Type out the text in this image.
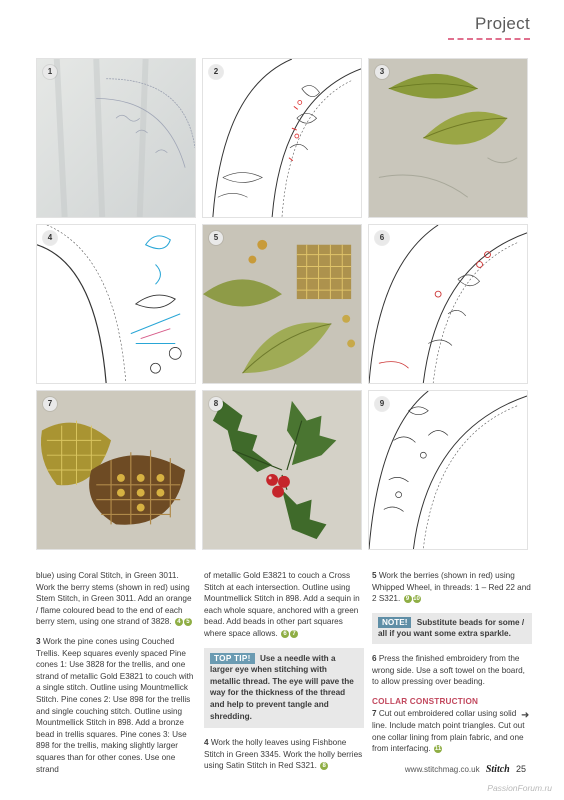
Project
1	2	3
4	5	6
7	8	9

blue) using Coral Stitch, in Green 3011. Work the berry stems (shown in red) using Stem Stitch, in Green 3011. Add an orange / flame coloured bead to the end of each berry stem, using one strand of 3828. 4 5

3 Work the pine cones using Couched Trellis. Keep squares evenly spaced Pine cones 1: Use 3828 for the trellis, and one strand of metallic Gold E3821 to couch with a single stitch. Outline using Mountmellick Stitch. Pine cones 2: Use 898 for the trellis and single couching stitch. Outline using Mountmellick Stitch in 898. Add a bronze bead in trellis squares. Pine cones 3: Use 898 for the trellis, making slightly larger squares than for other cones. Use one strand

of metallic Gold E3821 to couch a Cross Stitch at each intersection. Outline using Mountmellick Stitch in 898. Add a sequin in each whole square, anchored with a green bead. Add beads in other part squares where space allows. 6 7

TOP TIP! Use a needle with a larger eye when stitching with metallic thread. The eye will pave the way for the thickness of the thread and help to prevent tangle and shredding.

4 Work the holly leaves using Fishbone Stitch in Green 3345. Work the holly berries using Satin Stitch in Red S321. 8

5 Work the berries (shown in red) using Whipped Wheel, in threads: 1 – Red 22 and 2 S321. 9 10

NOTE! Substitute beads for some / all if you want some extra sparkle.

6 Press the finished embroidery from the wrong side. Use a soft towel on the board, to allow pressing over beading.

COLLAR CONSTRUCTION

7 Cut out embroidered collar using solid line. Include match point triangles. Cut out one collar lining from plain fabric, and one from interfacing. 11

➜
www.stitchmag.co.uk Stitch 25
PassionForum.ru
